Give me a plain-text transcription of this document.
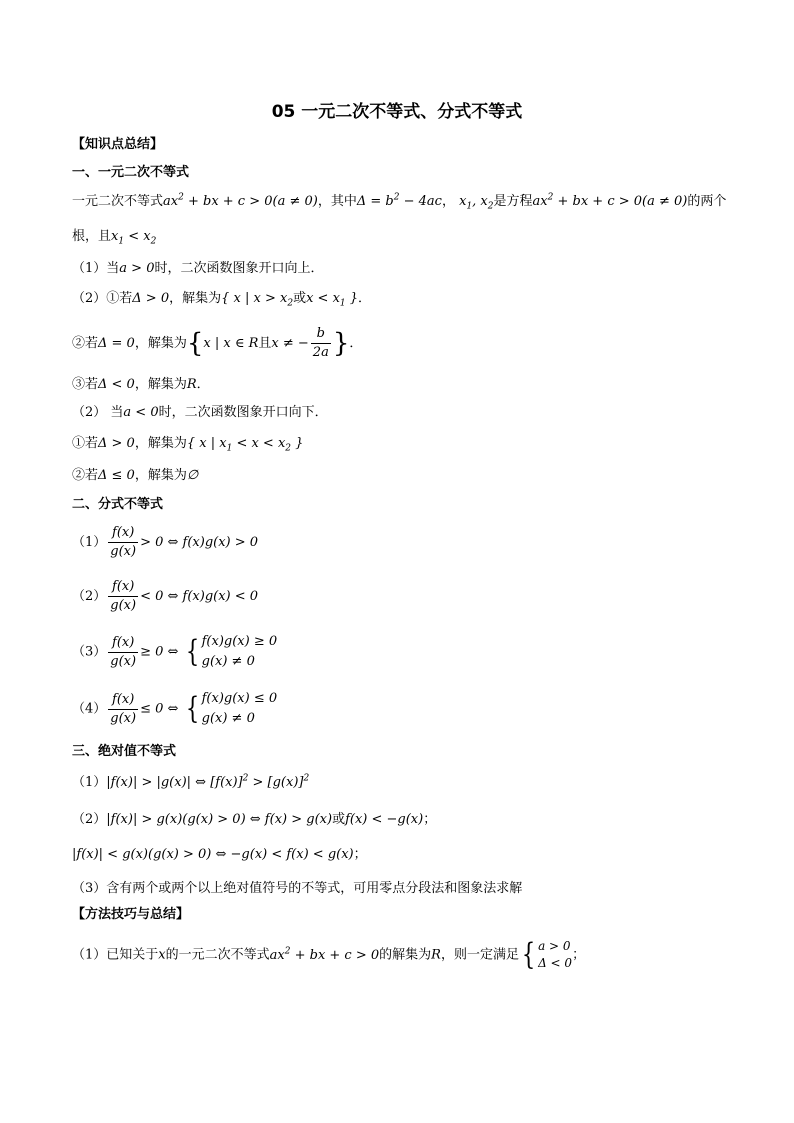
05 一元二次不等式、分式不等式
【知识点总结】
一、一元二次不等式
一元二次不等式$ax^2$ + bx + c > 0(a ≠ 0)，其中$\Delta = b^2 - 4ac$， $x_1$, $x_2$是方程$ax^2$ + bx + c > 0(a ≠ 0)的两个
根，且$x_1 < x_2$
（1）当a > 0时，二次函数图象开口向上．
（2）①若Δ > 0，解集为{ x | $x > x_2$或$x < x_1$ }．
②若Δ = 0，解集为{x | x ∈ R且x ≠ − $\frac{b}{2a}$ }．
③若Δ < 0，解集为R．
（2） 当a < 0时，二次函数图象开口向下．
①若Δ > 0，解集为{ x | $x_1 < x < x_2$ }
②若Δ ≤ 0，解集为∅
二、分式不等式
$(1) \frac{f(x)}{g(x)} > 0$ ⇔ f(x)g(x) > 0
$(2) \frac{f(x)}{g(x)} < 0$ ⇔ f(x)g(x) < 0
$(3) \frac{f(x)}{g(x)} \ge 0$ ⇔ { f(x)g(x) ≥ 0
g(x) ≠ 0
$(4) \frac{f(x)}{g(x)} \le 0$ ⇔ { f(x)g(x) ≤ 0
g(x) ≠ 0
三、绝对值不等式
（1）|f(x)| > |g(x)| ⇔ $[f(x)]^2 > [g(x)]^2$
（2）|f(x)| > g(x)(g(x) > 0) ⇔ f(x) > g(x)或f(x) < −g(x)；
|f(x)| < g(x)(g(x) > 0) ⇔ −g(x) < f(x) < g(x)；
（3）含有两个或两个以上绝对值符号的不等式，可用零点分段法和图象法求解
【方法技巧与总结】
（1）已知关于x的一元二次不等式$ax^2$ + bx + c > 0的解集为R，则一定满足 { a > 0
Δ < 0
；
